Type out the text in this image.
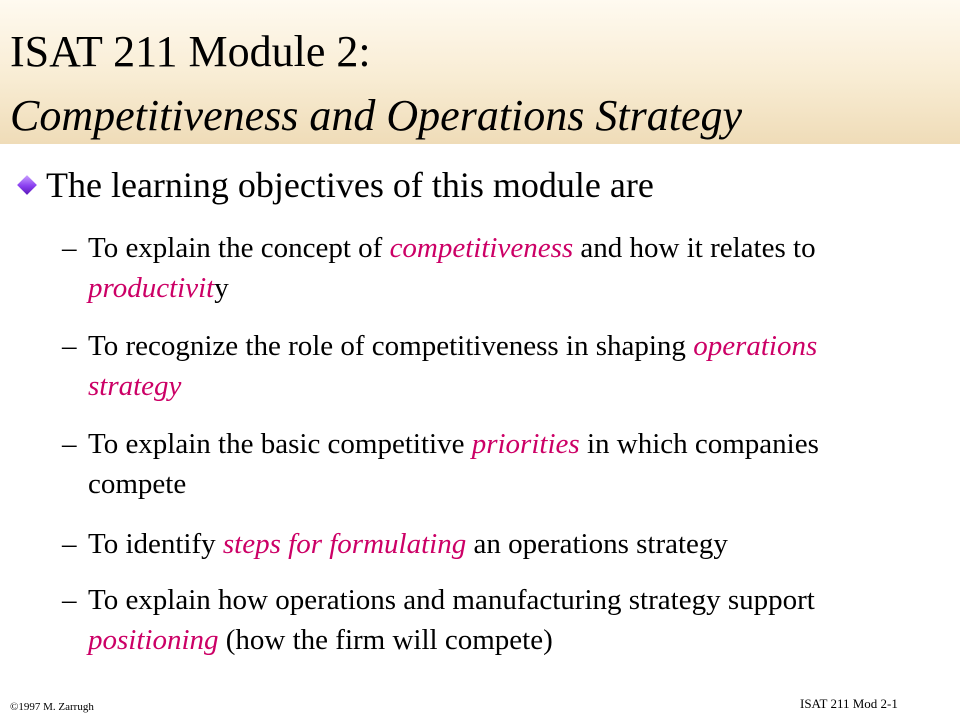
ISAT 211 Module 2:
Competitiveness and Operations Strategy
The learning objectives of this module are
– To explain the concept of competitiveness and how it relates to productivity
– To recognize the role of competitiveness in shaping operations strategy
– To explain the basic competitive priorities in which companies compete
– To identify steps for formulating an operations strategy
– To explain how operations and manufacturing strategy support positioning (how the firm will compete)
©1997 M. Zarrugh	ISAT 211 Mod 2-1
